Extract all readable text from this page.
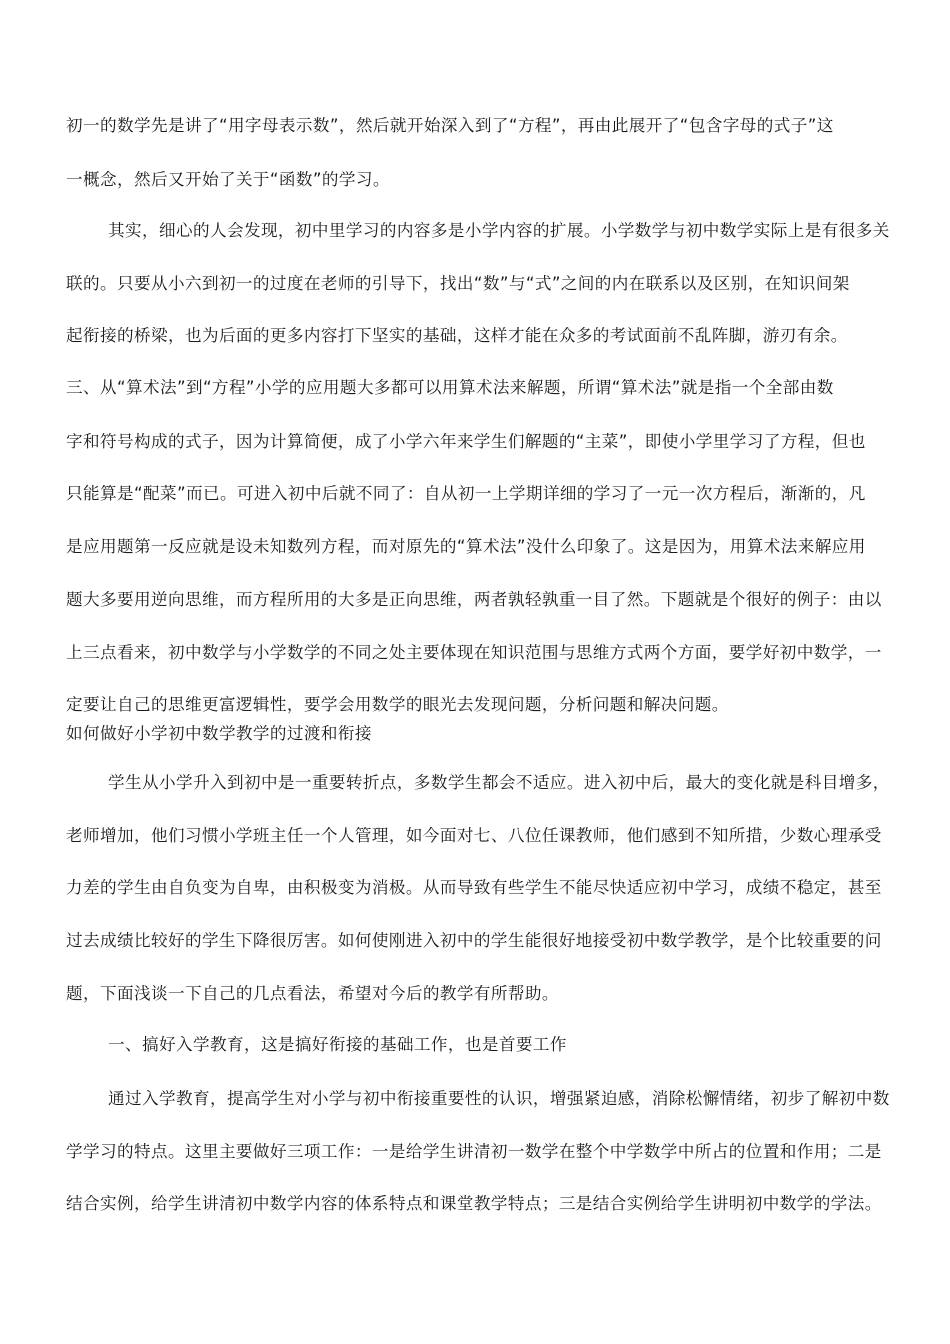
初一的数学先是讲了“用字母表示数”，然后就开始深入到了“方程”，再由此展开了“包含字母的式子”这
一概念，然后又开始了关于“函数”的学习。
其实，细心的人会发现，初中里学习的内容多是小学内容的扩展。小学数学与初中数学实际上是有很多关
联的。只要从小六到初一的过度在老师的引导下，找出“数”与“式”之间的内在联系以及区别，在知识间架
起衔接的桥梁，也为后面的更多内容打下坚实的基础，这样才能在众多的考试面前不乱阵脚，游刃有余。
三、从“算术法”到“方程”小学的应用题大多都可以用算术法来解题，所谓“算术法”就是指一个全部由数
字和符号构成的式子，因为计算简便，成了小学六年来学生们解题的“主菜”，即使小学里学习了方程，但也
只能算是“配菜”而已。可进入初中后就不同了：自从初一上学期详细的学习了一元一次方程后，渐渐的，凡
是应用题第一反应就是设未知数列方程，而对原先的“算术法”没什么印象了。这是因为，用算术法来解应用
题大多要用逆向思维，而方程所用的大多是正向思维，两者孰轻孰重一目了然。下题就是个很好的例子：由以
上三点看来，初中数学与小学数学的不同之处主要体现在知识范围与思维方式两个方面，要学好初中数学，一
定要让自己的思维更富逻辑性，要学会用数学的眼光去发现问题，分析问题和解决问题。
如何做好小学初中数学教学的过渡和衔接
学生从小学升入到初中是一重要转折点，多数学生都会不适应。进入初中后，最大的变化就是科目增多，
老师增加，他们习惯小学班主任一个人管理，如今面对七、八位任课教师，他们感到不知所措，少数心理承受
力差的学生由自负变为自卑，由积极变为消极。从而导致有些学生不能尽快适应初中学习，成绩不稳定，甚至
过去成绩比较好的学生下降很厉害。如何使刚进入初中的学生能很好地接受初中数学教学，是个比较重要的问
题，下面浅谈一下自己的几点看法，希望对今后的教学有所帮助。
一、搞好入学教育，这是搞好衔接的基础工作，也是首要工作
通过入学教育，提高学生对小学与初中衔接重要性的认识，增强紧迫感，消除松懈情绪，初步了解初中数
学学习的特点。这里主要做好三项工作：一是给学生讲清初一数学在整个中学数学中所占的位置和作用；二是
结合实例，给学生讲清初中数学内容的体系特点和课堂教学特点；三是结合实例给学生讲明初中数学的学法。
